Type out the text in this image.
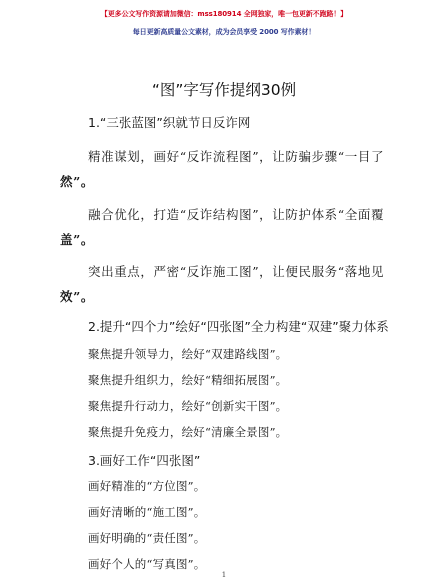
【更多公文写作资源请加微信：mss180914 全网独家，唯一包更新不跑路！】
每日更新高质量公文素材，成为会员享受 2000 写作素材！
“图”字写作提纲30例
1.“三张蓝图”织就节日反诈网
精准谋划，画好“反诈流程图”，让防骗步骤“一目了
然”。
融合优化，打造“反诈结构图”，让防护体系“全面覆
盖”。
突出重点，严密“反诈施工图”，让便民服务“落地见
效”。
2.提升“四个力”绘好“四张图”全力构建“双建”聚力体系
聚焦提升领导力，绘好“双建路线图”。
聚焦提升组织力，绘好“精细拓展图”。
聚焦提升行动力，绘好“创新实干图”。
聚焦提升免疫力，绘好“清廉全景图”。
3.画好工作“四张图”
画好精准的“方位图”。
画好清晰的“施工图”。
画好明确的“责任图”。
画好个人的“写真图”。
1
